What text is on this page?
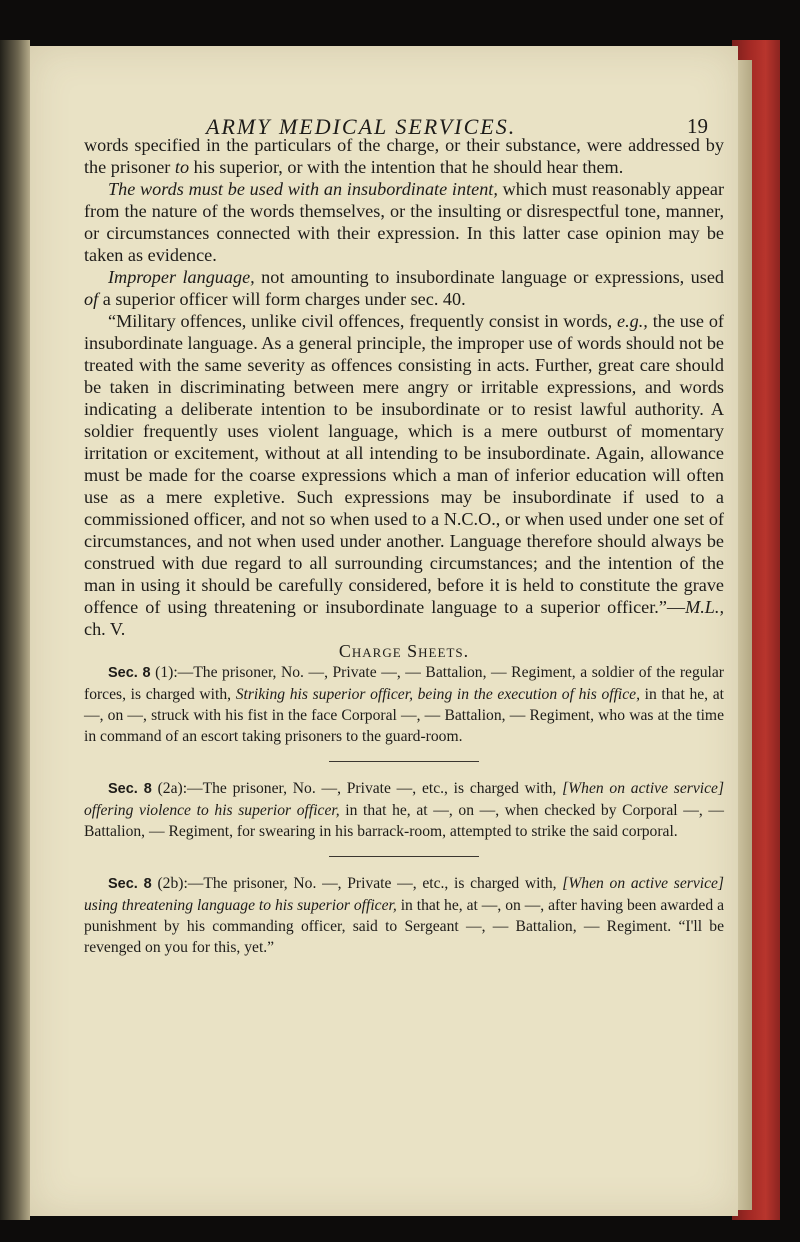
ARMY MEDICAL SERVICES.	19

words specified in the particulars of the charge, or their substance, were addressed by the prisoner to his superior, or with the intention that he should hear them.

The words must be used with an insubordinate intent, which must reasonably appear from the nature of the words themselves, or the insulting or disrespectful tone, manner, or circumstances connected with their expression. In this latter case opinion may be taken as evidence.

Improper language, not amounting to insubordinate language or expressions, used of a superior officer will form charges under sec. 40.

“Military offences, unlike civil offences, frequently consist in words, e.g., the use of insubordinate language. As a general principle, the improper use of words should not be treated with the same severity as offences consisting in acts. Further, great care should be taken in discriminating between mere angry or irritable expressions, and words indicating a deliberate intention to be insubordinate or to resist lawful authority. A soldier frequently uses violent language, which is a mere outburst of momentary irritation or excitement, without at all intending to be insubordinate. Again, allowance must be made for the coarse expressions which a man of inferior education will often use as a mere expletive. Such expressions may be insubordinate if used to a commissioned officer, and not so when used to a N.C.O., or when used under one set of circumstances, and not when used under another. Language therefore should always be construed with due regard to all surrounding circumstances; and the intention of the man in using it should be carefully considered, before it is held to constitute the grave offence of using threatening or insubordinate language to a superior officer.”—M.L., ch. V.

Charge Sheets.

Sec. 8 (1):—The prisoner, No. —, Private —, — Battalion, — Regiment, a soldier of the regular forces, is charged with, Striking his superior officer, being in the execution of his office, in that he, at —, on —, struck with his fist in the face Corporal —, — Battalion, — Regiment, who was at the time in command of an escort taking prisoners to the guard-room.

Sec. 8 (2a):—The prisoner, No. —, Private —, etc., is charged with, [When on active service] offering violence to his superior officer, in that he, at —, on —, when checked by Corporal —, — Battalion, — Regiment, for swearing in his barrack-room, attempted to strike the said corporal.

Sec. 8 (2b):—The prisoner, No. —, Private —, etc., is charged with, [When on active service] using threatening language to his superior officer, in that he, at —, on —, after having been awarded a punishment by his commanding officer, said to Sergeant —, — Battalion, — Regiment. “I'll be revenged on you for this, yet.”
